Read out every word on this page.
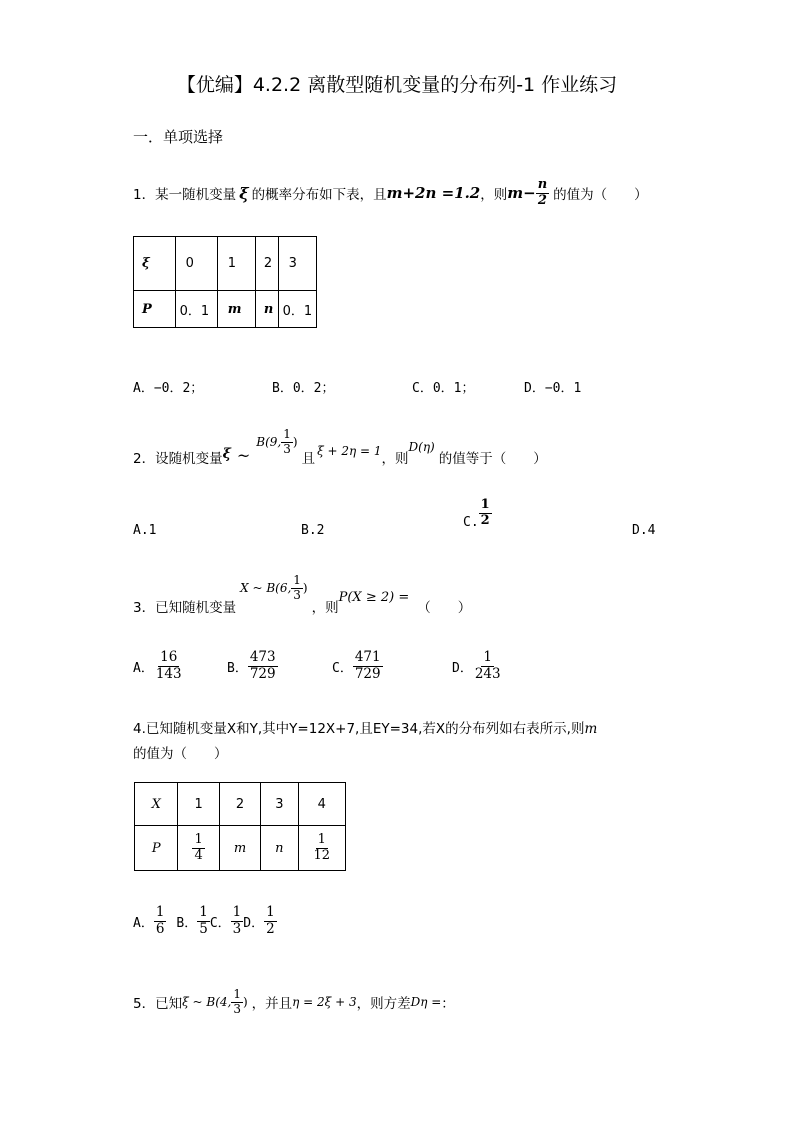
【优编】4.2.2 离散型随机变量的分布列-1 作业练习
一．单项选择
1．某一随机变量 ξ 的概率分布如下表，且 m+2n =1.2 ，则 $m- \frac{n}{2}$ 的值为（　　）
ξ	0	1	2	3
P	0．1	m	n	0．1
A．−0．2；	B．0．2；	C．0．1；	D．−0．1
2．设随机变量 ξ ~
B(9, $\frac{1}{3}$ )
且 ξ + 2η = 1 ，则
D(η)
的值等于（　　）
A.1	B.2
C. $\frac{1}{2}$
D.4
3．已知随机变量
X ~ B(6, $\frac{1}{3}$ )
，则
P(X ≥ 2) =
（　　）
A． $\frac{16}{143}$	B． $\frac{473}{729}$	C． $\frac{471}{729}$	D． $\frac{1}{243}$
4.已知随机变量X和Y,其中Y=12X+7,且EY=34,若X的分布列如右表所示,则m
的值为（　　）
X	1	2	3	4
P	$\frac{1}{4}$	m	n	$\frac{1}{12}$
A． $\frac{1}{6}$ B． $\frac{1}{5}$ C． $\frac{1}{3}$ D． $\frac{1}{2}$
5．已知 ξ ~ B(4, $\frac{1}{3}$ ) ，并且 η = 2ξ + 3 ，则方差 Dη = ：
